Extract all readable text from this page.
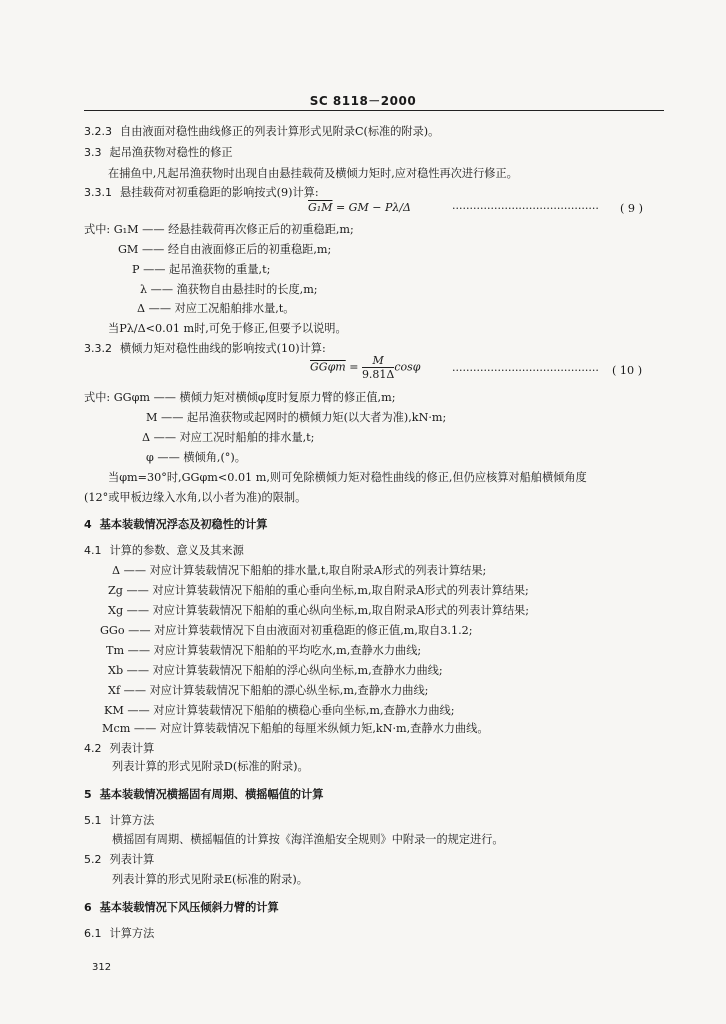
SC 8118－2000
3.2.3 自由液面对稳性曲线修正的列表计算形式见附录C(标准的附录)。
3.3 起吊渔获物对稳性的修正
在捕鱼中,凡起吊渔获物时出现自由悬挂载荷及横倾力矩时,应对稳性再次进行修正。
3.3.1 悬挂载荷对初重稳距的影响按式(9)计算:
G₁M = GM − Pλ/Δ	·········································· ( 9 )
式中: G₁M —— 经悬挂载荷再次修正后的初重稳距,m;
GM —— 经自由液面修正后的初重稳距,m;
P —— 起吊渔获物的重量,t;
λ —— 渔获物自由悬挂时的长度,m;
Δ —— 对应工况船舶排水量,t。
当Pλ/Δ<0.01 m时,可免于修正,但要予以说明。
3.3.2 横倾力矩对稳性曲线的影响按式(10)计算:
$GG\varphi m = \frac{M}{9.81\Delta}$ cosφ	·········································· ( 10 )
式中: GGφm —— 横倾力矩对横倾φ度时复原力臂的修正值,m;
M —— 起吊渔获物或起网时的横倾力矩(以大者为准),kN·m;
Δ —— 对应工况时船舶的排水量,t;
φ —— 横倾角,(°)。
当φm=30°时,GGφm<0.01 m,则可免除横倾力矩对稳性曲线的修正,但仍应核算对船舶横倾角度
(12°或甲板边缘入水角,以小者为准)的限制。
4 基本装载情况浮态及初稳性的计算
4.1 计算的参数、意义及其来源
Δ —— 对应计算装载情况下船舶的排水量,t,取自附录A形式的列表计算结果;
Zg —— 对应计算装载情况下船舶的重心垂向坐标,m,取自附录A形式的列表计算结果;
Xg —— 对应计算装载情况下船舶的重心纵向坐标,m,取自附录A形式的列表计算结果;
GGo —— 对应计算装载情况下自由液面对初重稳距的修正值,m,取自3.1.2;
Tm —— 对应计算装载情况下船舶的平均吃水,m,查静水力曲线;
Xb —— 对应计算装载情况下船舶的浮心纵向坐标,m,查静水力曲线;
Xf —— 对应计算装载情况下船舶的漂心纵坐标,m,查静水力曲线;
KM —— 对应计算装载情况下船舶的横稳心垂向坐标,m,查静水力曲线;
Mcm —— 对应计算装载情况下船舶的每厘米纵倾力矩,kN·m,查静水力曲线。
4.2 列表计算
列表计算的形式见附录D(标准的附录)。
5 基本装载情况横摇固有周期、横摇幅值的计算
5.1 计算方法
横摇固有周期、横摇幅值的计算按《海洋渔船安全规则》中附录一的规定进行。
5.2 列表计算
列表计算的形式见附录E(标准的附录)。
6 基本装载情况下风压倾斜力臂的计算
6.1 计算方法
312
